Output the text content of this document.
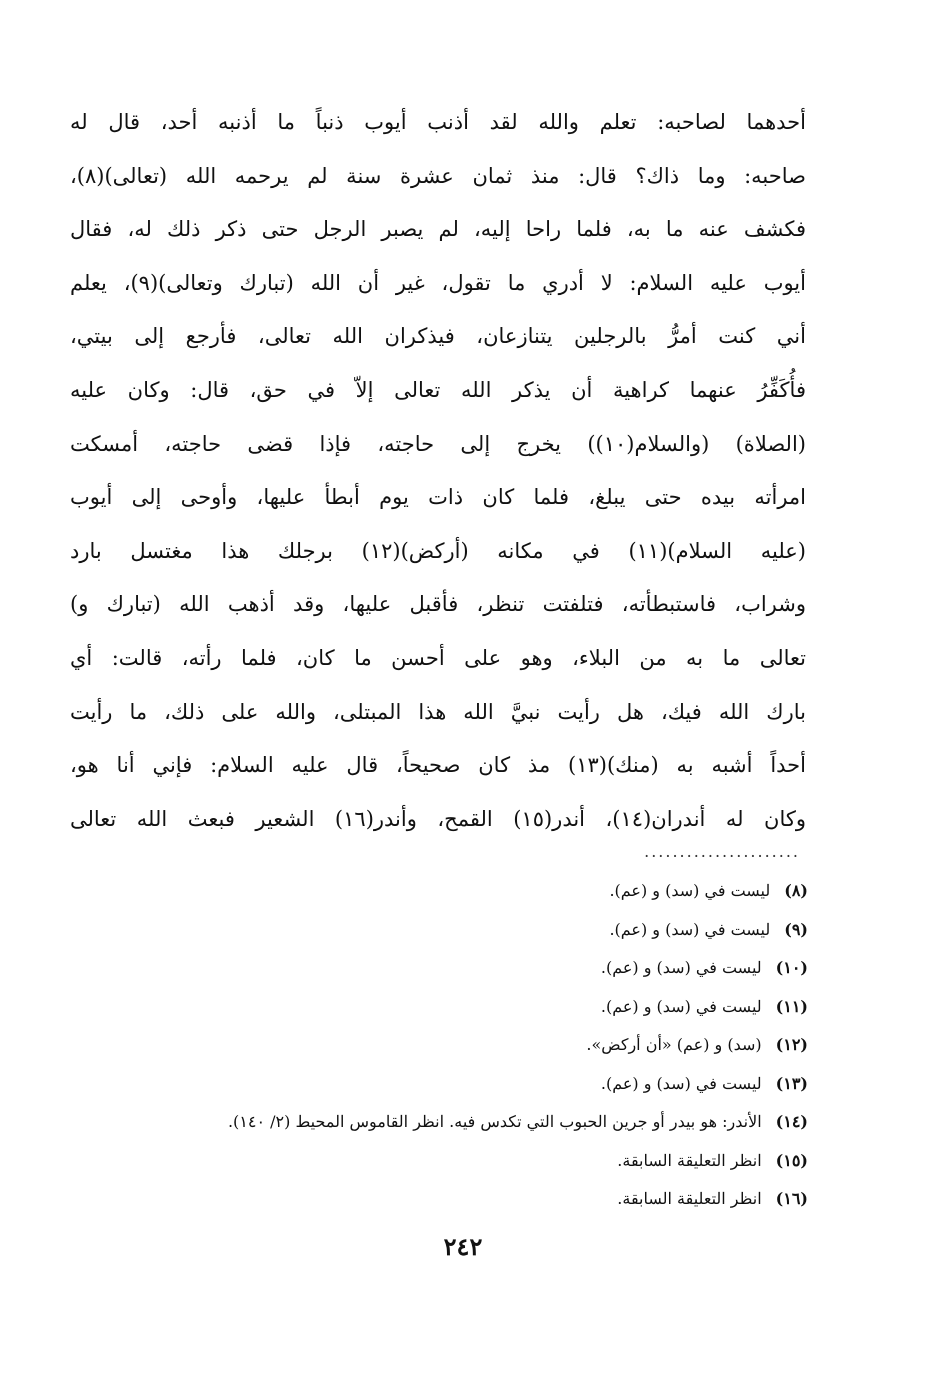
أحدهما لصاحبه: تعلم والله لقد أذنب أيوب ذنباً ما أذنبه أحد، قال له
صاحبه: وما ذاك؟ قال: منذ ثمان عشرة سنة لم يرحمه الله (تعالى)(٨)،
فكشف عنه ما به، فلما راحا إليه، لم يصبر الرجل حتى ذكر ذلك له، فقال
أيوب عليه السلام: لا أدري ما تقول، غير أن الله (تبارك وتعالى)(٩)، يعلم
أني كنت أمرُّ بالرجلين يتنازعان، فيذكران الله تعالى، فأرجع إلى بيتي،
فأُكَفِّرُ عنهما كراهية أن يذكر الله تعالى إلاّ في حق، قال: وكان عليه
(الصلاة) (والسلام(١٠)) يخرج إلى حاجته، فإذا قضى حاجته، أمسكت
امرأته بيده حتى يبلغ، فلما كان ذات يوم أبطأ عليها، وأوحى إلى أيوب
(عليه السلام)(١١) في مكانه (أركض)(١٢) برجلك هذا مغتسل بارد
وشراب، فاستبطأته، فتلفتت تنظر، فأقبل عليها، وقد أذهب الله (تبارك و)
تعالى ما به من البلاء، وهو على أحسن ما كان، فلما رأته، قالت: أي
بارك الله فيك، هل رأيت نبيَّ الله هذا المبتلى، والله على ذلك، ما رأيت
أحداً أشبه به (منك)(١٣) مذ كان صحيحاً، قال عليه السلام: فإني أنا هو،
وكان له أندران(١٤)، أندر(١٥) القمح، وأندر(١٦) الشعير فبعث الله تعالى
......................
(٨)ليست في (سد) و (عم).
(٩)ليست في (سد) و (عم).
(١٠)ليست في (سد) و (عم).
(١١)ليست في (سد) و (عم).
(١٢)(سد) و (عم) «أن أركض».
(١٣)ليست في (سد) و (عم).
(١٤)الأندر: هو بيدر أو جرين الحبوب التي تكدس فيه. انظر القاموس المحيط (٢/ ١٤٠).
(١٥)انظر التعليقة السابقة.
(١٦)انظر التعليقة السابقة.
٢٤٢
